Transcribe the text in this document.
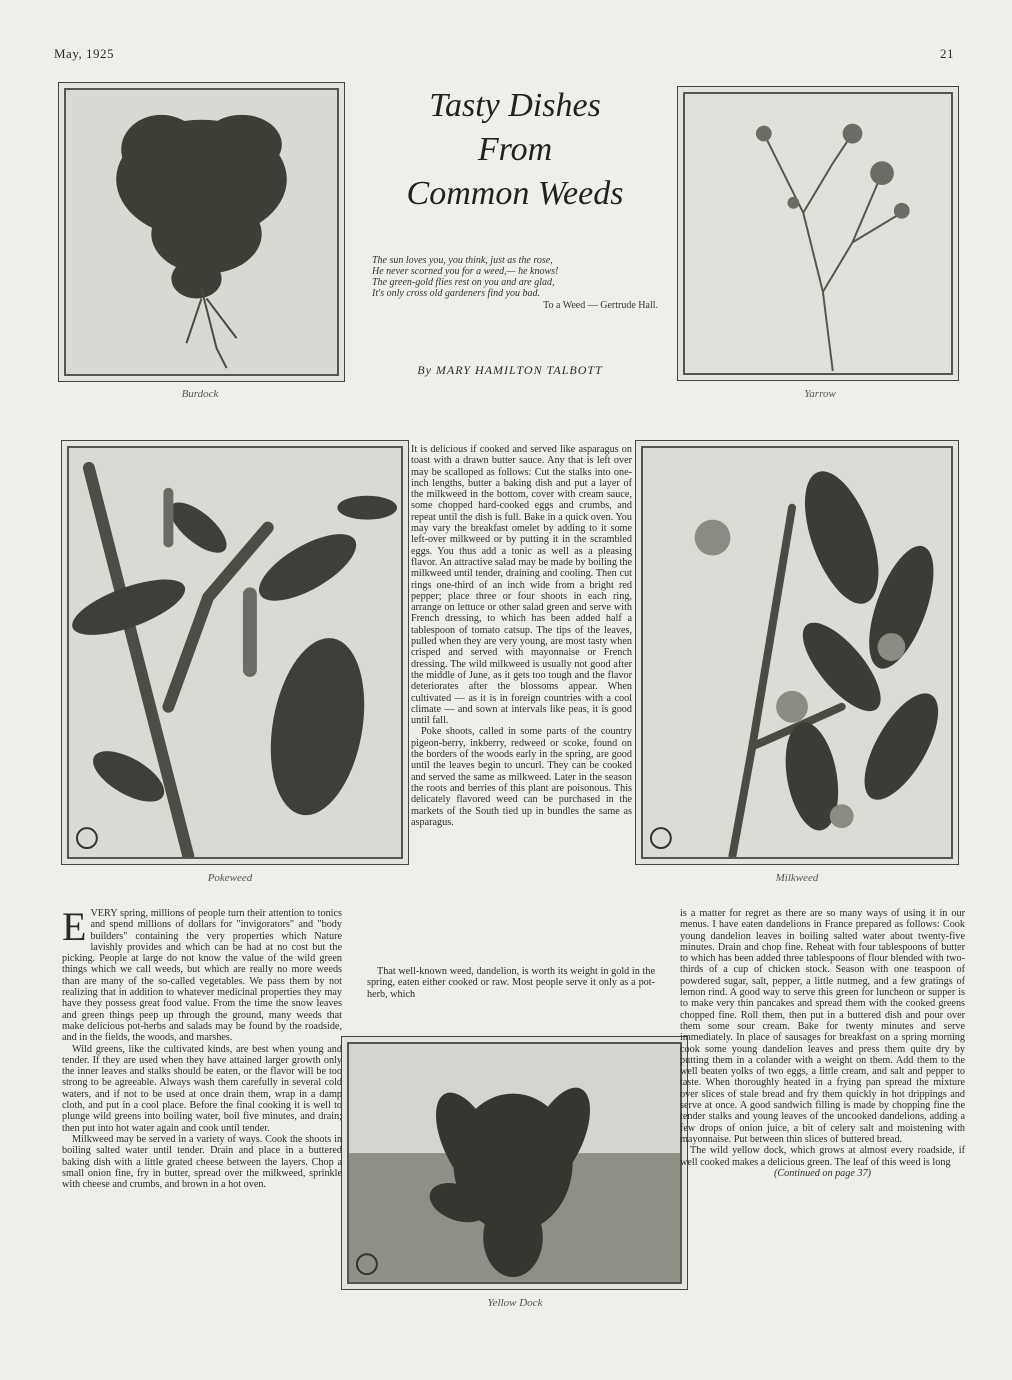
May, 1925	21
Burdock	Yarrow
Tasty Dishes
From
Common Weeds
The sun loves you, you think, just as the rose,
He never scorned you for a weed,— he knows!
The green-gold flies rest on you and are glad,
It's only cross old gardeners find you bad.
To a Weed — Gertrude Hall.
By MARY HAMILTON TALBOTT
Pokeweed	Milkweed
Yellow Dock

It is delicious if cooked and served like asparagus on toast with a drawn butter sauce. Any that is left over may be scalloped as follows: Cut the stalks into one-inch lengths, butter a baking dish and put a layer of the milkweed in the bottom, cover with cream sauce, some chopped hard-cooked eggs and crumbs, and repeat until the dish is full. Bake in a quick oven. You may vary the breakfast omelet by adding to it some left-over milkweed or by putting it in the scrambled eggs. You thus add a tonic as well as a pleasing flavor. An attractive salad may be made by boiling the milkweed until tender, draining and cooling. Then cut rings one-third of an inch wide from a bright red pepper; place three or four shoots in each ring, arrange on lettuce or other salad green and serve with French dressing, to which has been added half a tablespoon of tomato catsup. The tips of the leaves, pulled when they are very young, are most tasty when crisped and served with mayonnaise or French dressing. The wild milkweed is usually not good after the middle of June, as it gets too tough and the flavor deteriorates after the blossoms appear. When cultivated — as it is in foreign countries with a cool climate — and sown at intervals like peas, it is good until fall.

Poke shoots, called in some parts of the country pigeon-berry, inkberry, redweed or scoke, found on the borders of the woods early in the spring, are good until the leaves begin to uncurl. They can be cooked and served the same as milkweed. Later in the season the roots and berries of this plant are poisonous. This delicately flavored weed can be purchased in the markets of the South tied up in bundles the same as asparagus.

That well-known weed, dandelion, is worth its weight in gold in the spring, eaten either cooked or raw. Most people serve it only as a pot-herb, which

EVERY spring, millions of people turn their attention to tonics and spend millions of dollars for "invigorators" and "body builders" containing the very properties which Nature lavishly provides and which can be had at no cost but the picking. People at large do not know the value of the wild green things which we call weeds, but which are really no more weeds than are many of the so-called vegetables. We pass them by not realizing that in addition to whatever medicinal properties they may have they possess great food value. From the time the snow leaves and green things peep up through the ground, many weeds that make delicious pot-herbs and salads may be found by the roadside, and in the fields, the woods, and marshes.

Wild greens, like the cultivated kinds, are best when young and tender. If they are used when they have attained larger growth only the inner leaves and stalks should be eaten, or the flavor will be too strong to be agreeable. Always wash them carefully in several cold waters, and if not to be used at once drain them, wrap in a damp cloth, and put in a cool place. Before the final cooking it is well to plunge wild greens into boiling water, boil five minutes, and drain; then put into hot water again and cook until tender.

Milkweed may be served in a variety of ways. Cook the shoots in boiling salted water until tender. Drain and place in a buttered baking dish with a little grated cheese between the layers. Chop a small onion fine, fry in butter, spread over the milkweed, sprinkle with cheese and crumbs, and brown in a hot oven.

is a matter for regret as there are so many ways of using it in our menus. I have eaten dandelions in France prepared as follows: Cook young dandelion leaves in boiling salted water about twenty-five minutes. Drain and chop fine. Reheat with four tablespoons of butter to which has been added three tablespoons of flour blended with two-thirds of a cup of chicken stock. Season with one teaspoon of powdered sugar, salt, pepper, a little nutmeg, and a few gratings of lemon rind. A good way to serve this green for luncheon or supper is to make very thin pancakes and spread them with the cooked greens chopped fine. Roll them, then put in a buttered dish and pour over them some sour cream. Bake for twenty minutes and serve immediately. In place of sausages for breakfast on a spring morning cook some young dandelion leaves and press them quite dry by putting them in a colander with a weight on them. Add them to the well beaten yolks of two eggs, a little cream, and salt and pepper to taste. When thoroughly heated in a frying pan spread the mixture over slices of stale bread and fry them quickly in hot drippings and serve at once. A good sandwich filling is made by chopping fine the tender stalks and young leaves of the uncooked dandelions, adding a few drops of onion juice, a bit of celery salt and moistening with mayonnaise. Put between thin slices of buttered bread.

The wild yellow dock, which grows at almost every roadside, if well cooked makes a delicious green. The leaf of this weed is long

(Continued on page 37)
